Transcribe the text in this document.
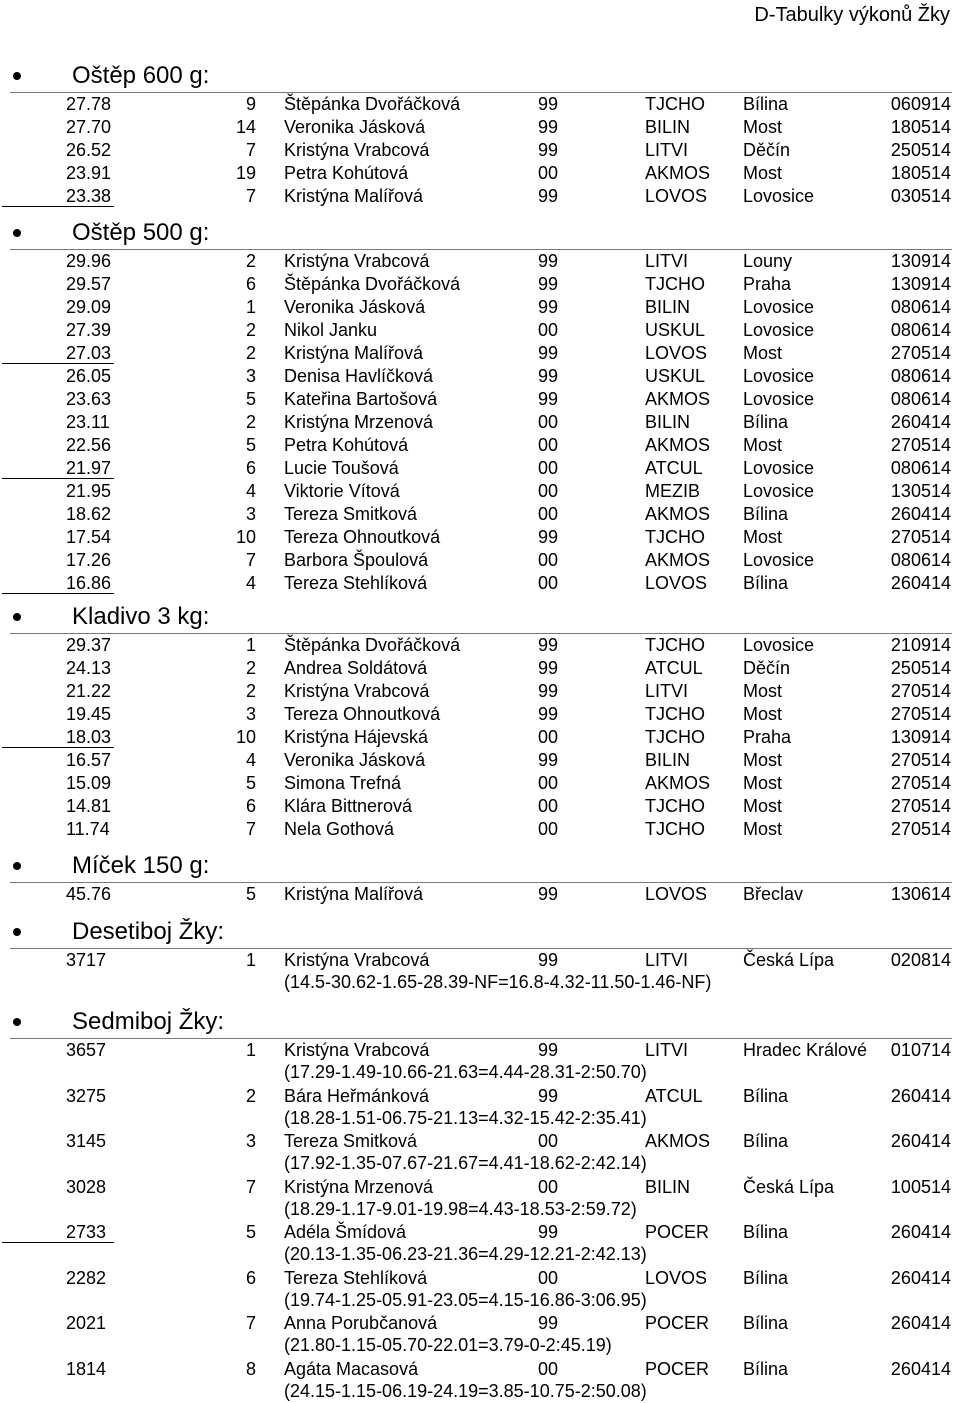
D-Tabulky výkonů Žky
Oštěp 600 g:
27.78	9 Štěpánka Dvořáčková	99	TJCHO Bílina	060914
27.70	14 Veronika Jásková	99	BILIN	Most	180514
26.52	7 Kristýna Vrabcová	99	LITVI	Děčín	250514
23.91	19 Petra Kohútová	00	AKMOS Most	180514
23.38	7 Kristýna Malířová	99	LOVOS Lovosice	030514
Oštěp 500 g:
29.96	2 Kristýna Vrabcová	99	LITVI	Louny	130914
29.57	6 Štěpánka Dvořáčková	99	TJCHO Praha	130914
29.09	1 Veronika Jásková	99	BILIN	Lovosice	080614
27.39	2 Nikol Janku	00	USKUL Lovosice	080614
27.03	2 Kristýna Malířová	99	LOVOS Most	270514
26.05	3 Denisa Havlíčková	99	USKUL Lovosice	080614
23.63	5 Kateřina Bartošová	99	AKMOS Lovosice	080614
23.11	2 Kristýna Mrzenová	00	BILIN	Bílina	260414
22.56	5 Petra Kohútová	00	AKMOS Most	270514
21.97	6 Lucie Toušová	00	ATCUL Lovosice	080614
21.95	4 Viktorie Vítová	00	MEZIB Lovosice	130514
18.62	3 Tereza Smitková	00	AKMOS Bílina	260414
17.54	10 Tereza Ohnoutková	99	TJCHO Most	270514
17.26	7 Barbora Špoulová	00	AKMOS Lovosice	080614
16.86	4 Tereza Stehlíková	00	LOVOS Bílina	260414
Kladivo 3 kg:
29.37	1 Štěpánka Dvořáčková	99	TJCHO Lovosice	210914
24.13	2 Andrea Soldátová	99	ATCUL Děčín	250514
21.22	2 Kristýna Vrabcová	99	LITVI	Most	270514
19.45	3 Tereza Ohnoutková	99	TJCHO Most	270514
18.03	10 Kristýna Hájevská	00	TJCHO Praha	130914
16.57	4 Veronika Jásková	99	BILIN	Most	270514
15.09	5 Simona Trefná	00	AKMOS Most	270514
14.81	6 Klára Bittnerová	00	TJCHO Most	270514
11.74	7 Nela Gothová	00	TJCHO Most	270514
Míček 150 g:
45.76	5 Kristýna Malířová	99	LOVOS Břeclav	130614
Desetiboj Žky:
3717	1 Kristýna Vrabcová	99	LITVI	Česká Lípa	020814
(14.5-30.62-1.65-28.39-NF=16.8-4.32-11.50-1.46-NF)
Sedmiboj Žky:
3657	1 Kristýna Vrabcová	99	LITVI	Hradec Králové 010714
(17.29-1.49-10.66-21.63=4.44-28.31-2:50.70)
3275	2 Bára Heřmánková	99	ATCUL Bílina	260414
(18.28-1.51-06.75-21.13=4.32-15.42-2:35.41)
3145	3 Tereza Smitková	00	AKMOS Bílina	260414
(17.92-1.35-07.67-21.67=4.41-18.62-2:42.14)
3028	7 Kristýna Mrzenová	00	BILIN	Česká Lípa	100514
(18.29-1.17-9.01-19.98=4.43-18.53-2:59.72)
2733	5 Adéla Šmídová	99	POCER Bílina	260414
(20.13-1.35-06.23-21.36=4.29-12.21-2:42.13)
2282	6 Tereza Stehlíková	00	LOVOS Bílina	260414
(19.74-1.25-05.91-23.05=4.15-16.86-3:06.95)
2021	7 Anna Porubčanová	99	POCER Bílina	260414
(21.80-1.15-05.70-22.01=3.79-0-2:45.19)
1814	8 Agáta Macasová	00	POCER Bílina	260414
(24.15-1.15-06.19-24.19=3.85-10.75-2:50.08)
